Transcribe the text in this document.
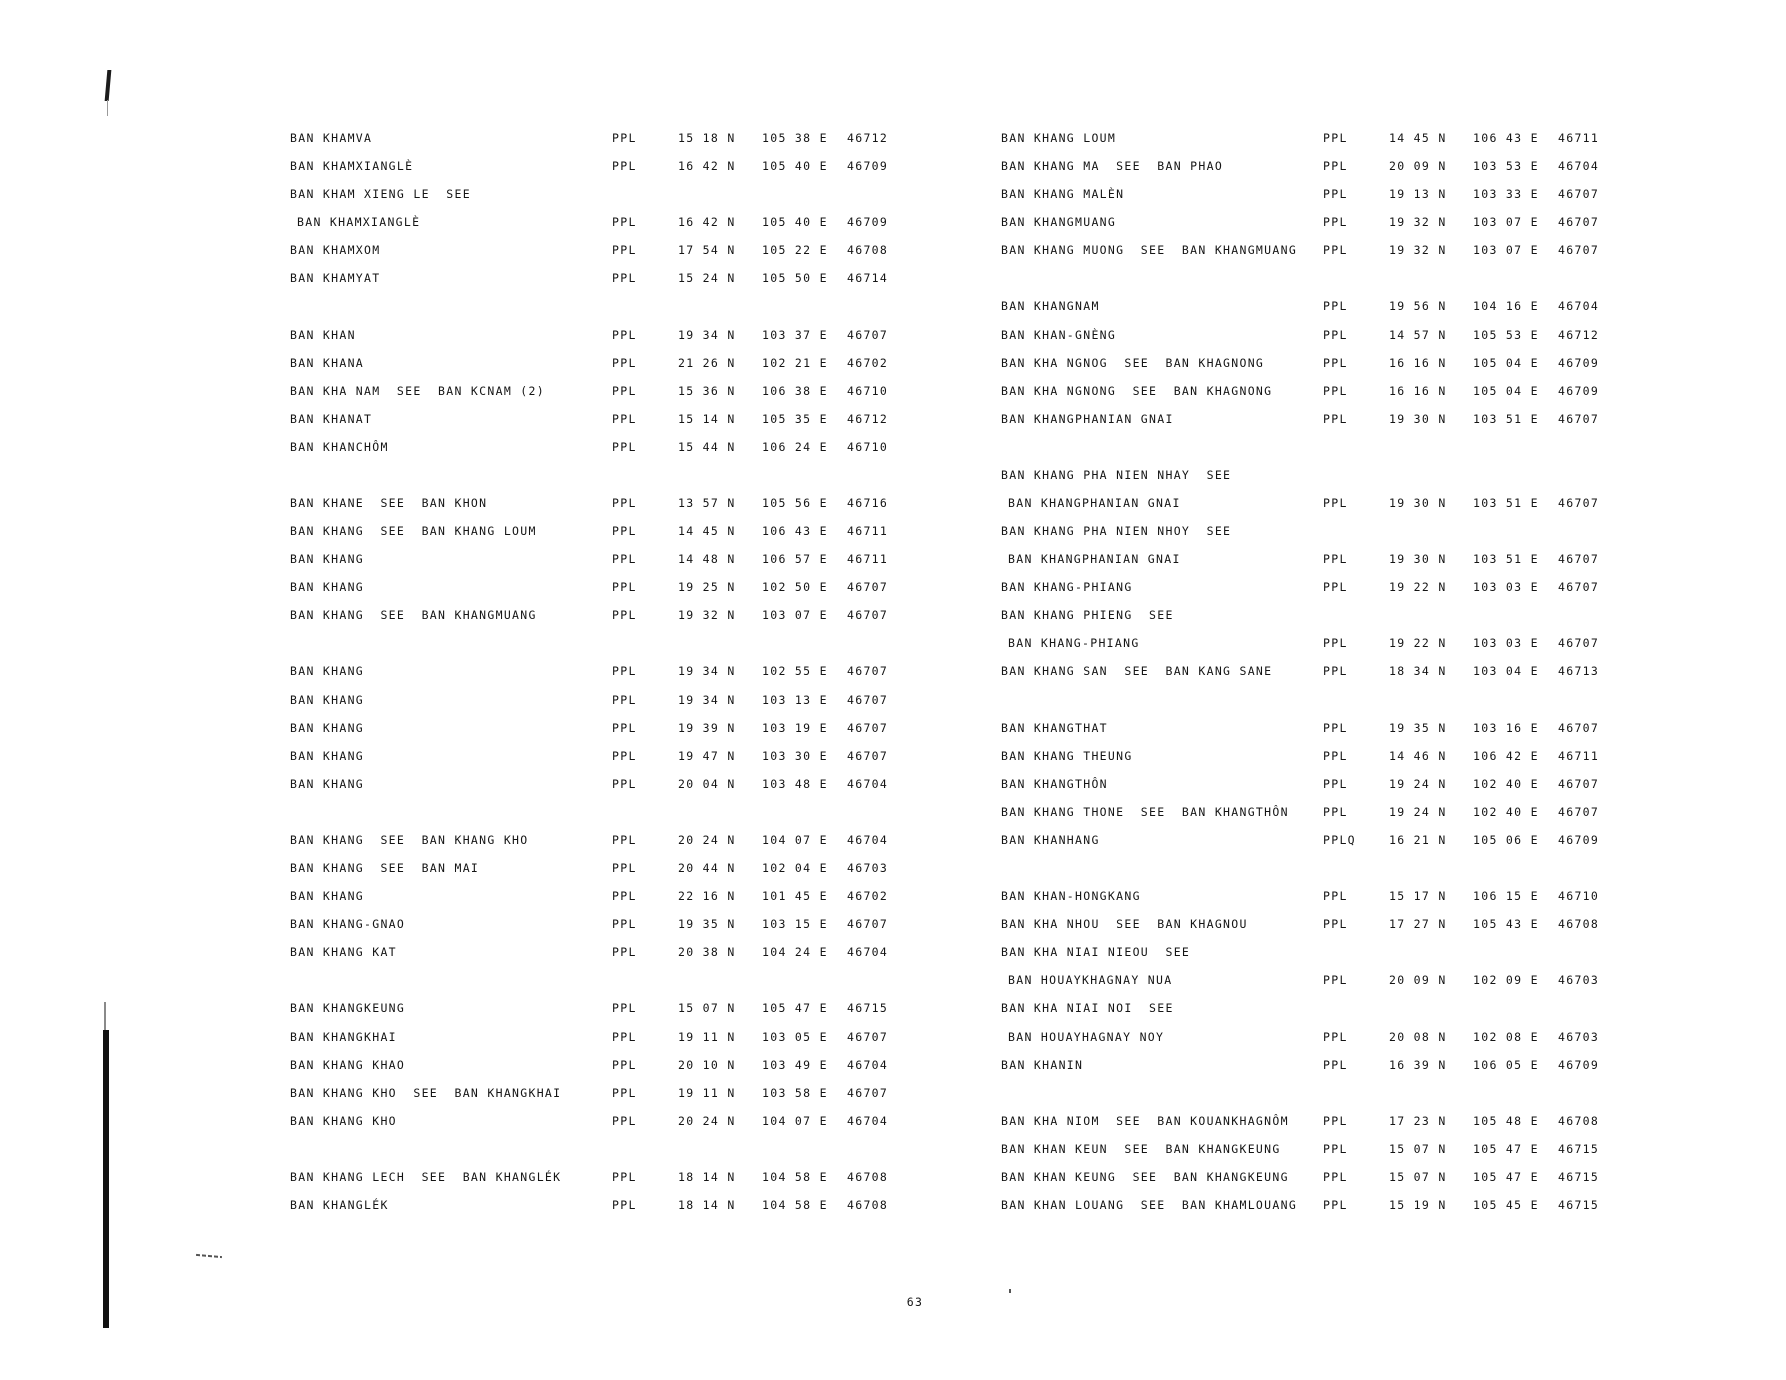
BAN KHAMVA	PPL	15 18 N 105 38 E 46712
BAN KHAMXIANGLÈ	PPL	16 42 N 105 40 E 46709
BAN KHAM XIENG LE  SEE
BAN KHAMXIANGLÈ	PPL	16 42 N 105 40 E 46709
BAN KHAMXOM	PPL	17 54 N 105 22 E 46708
BAN KHAMYAT	PPL	15 24 N 105 50 E 46714
BAN KHAN	PPL	19 34 N 103 37 E 46707
BAN KHANA	PPL	21 26 N 102 21 E 46702
BAN KHA NAM  SEE  BAN KCNAM (2)	PPL	15 36 N 106 38 E 46710
BAN KHANAT	PPL	15 14 N 105 35 E 46712
BAN KHANCHÔM	PPL	15 44 N 106 24 E 46710
BAN KHANE  SEE  BAN KHON	PPL	13 57 N 105 56 E 46716
BAN KHANG  SEE  BAN KHANG LOUM	PPL	14 45 N 106 43 E 46711
BAN KHANG	PPL	14 48 N 106 57 E 46711
BAN KHANG	PPL	19 25 N 102 50 E 46707
BAN KHANG  SEE  BAN KHANGMUANG	PPL	19 32 N 103 07 E 46707
BAN KHANG	PPL	19 34 N 102 55 E 46707
BAN KHANG	PPL	19 34 N 103 13 E 46707
BAN KHANG	PPL	19 39 N 103 19 E 46707
BAN KHANG	PPL	19 47 N 103 30 E 46707
BAN KHANG	PPL	20 04 N 103 48 E 46704
BAN KHANG  SEE  BAN KHANG KHO	PPL	20 24 N 104 07 E 46704
BAN KHANG  SEE  BAN MAI	PPL	20 44 N 102 04 E 46703
BAN KHANG	PPL	22 16 N 101 45 E 46702
BAN KHANG-GNAO	PPL	19 35 N 103 15 E 46707
BAN KHANG KAT	PPL	20 38 N 104 24 E 46704
BAN KHANGKEUNG	PPL	15 07 N 105 47 E 46715
BAN KHANGKHAI	PPL	19 11 N 103 05 E 46707
BAN KHANG KHAO	PPL	20 10 N 103 49 E 46704
BAN KHANG KHO  SEE  BAN KHANGKHAI	PPL	19 11 N 103 58 E 46707
BAN KHANG KHO	PPL	20 24 N 104 07 E 46704
BAN KHANG LECH  SEE  BAN KHANGLÉK	PPL	18 14 N 104 58 E 46708
BAN KHANGLÉK	PPL	18 14 N 104 58 E 46708
BAN KHANG LOUM	PPL	14 45 N 106 43 E 46711
BAN KHANG MA  SEE  BAN PHAO	PPL	20 09 N 103 53 E 46704
BAN KHANG MALÈN	PPL	19 13 N 103 33 E 46707
BAN KHANGMUANG	PPL	19 32 N 103 07 E 46707
BAN KHANG MUONG  SEE  BAN KHANGMUANG PPL	19 32 N 103 07 E 46707
BAN KHANGNAM	PPL	19 56 N 104 16 E 46704
BAN KHAN-GNÈNG	PPL	14 57 N 105 53 E 46712
BAN KHA NGNOG  SEE  BAN KHAGNONG	PPL	16 16 N 105 04 E 46709
BAN KHA NGNONG  SEE  BAN KHAGNONG	PPL	16 16 N 105 04 E 46709
BAN KHANGPHANIAN GNAI	PPL	19 30 N 103 51 E 46707
BAN KHANG PHA NIEN NHAY  SEE
BAN KHANGPHANIAN GNAI	PPL	19 30 N 103 51 E 46707
BAN KHANG PHA NIEN NHOY  SEE
BAN KHANGPHANIAN GNAI	PPL	19 30 N 103 51 E 46707
BAN KHANG-PHIANG	PPL	19 22 N 103 03 E 46707
BAN KHANG PHIENG  SEE
BAN KHANG-PHIANG	PPL	19 22 N 103 03 E 46707
BAN KHANG SAN  SEE  BAN KANG SANE	PPL	18 34 N 103 04 E 46713
BAN KHANGTHAT	PPL	19 35 N 103 16 E 46707
BAN KHANG THEUNG	PPL	14 46 N 106 42 E 46711
BAN KHANGTHÔN	PPL	19 24 N 102 40 E 46707
BAN KHANG THONE  SEE  BAN KHANGTHÔN	PPL	19 24 N 102 40 E 46707
BAN KHANHANG	PPLQ	16 21 N 105 06 E 46709
BAN KHAN-HONGKANG	PPL	15 17 N 106 15 E 46710
BAN KHA NHOU  SEE  BAN KHAGNOU	PPL	17 27 N 105 43 E 46708
BAN KHA NIAI NIEOU  SEE
BAN HOUAYKHAGNAY NUA	PPL	20 09 N 102 09 E 46703
BAN KHA NIAI NOI  SEE
BAN HOUAYHAGNAY NOY	PPL	20 08 N 102 08 E 46703
BAN KHANIN	PPL	16 39 N 106 05 E 46709
BAN KHA NIOM  SEE  BAN KOUANKHAGNÔM	PPL	17 23 N 105 48 E 46708
BAN KHAN KEUN  SEE  BAN KHANGKEUNG	PPL	15 07 N 105 47 E 46715
BAN KHAN KEUNG  SEE  BAN KHANGKEUNG	PPL	15 07 N 105 47 E 46715
BAN KHAN LOUANG  SEE  BAN KHAMLOUANG PPL	15 19 N 105 45 E 46715
63
